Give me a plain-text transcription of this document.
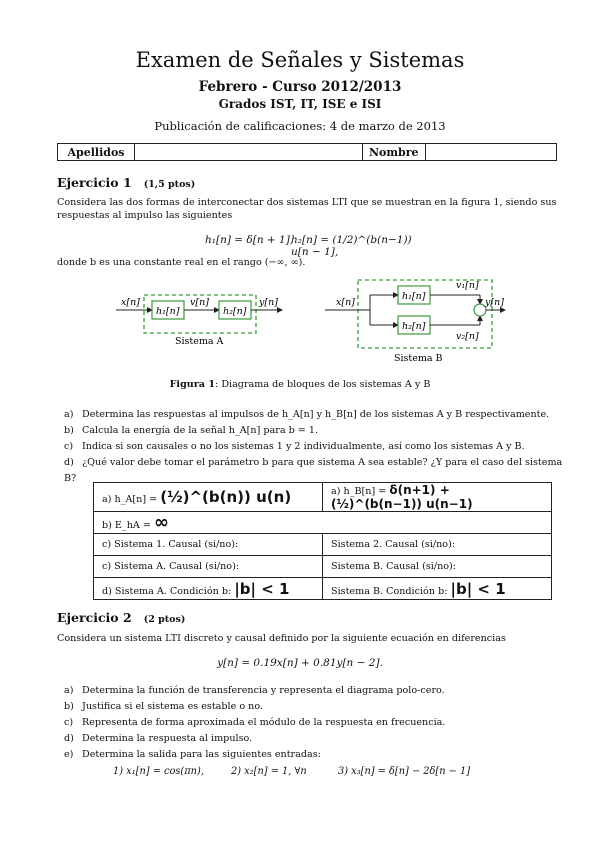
Examen de Señales y Sistemas
Febrero - Curso 2012/2013
Grados IST, IT, ISE e ISI
Publicación de calificaciones: 4 de marzo de 2013
Apellidos		Nombre	
Ejercicio 1 (1,5 ptos)
Considera las dos formas de interconectar dos sistemas LTI que se muestran en la figura 1, siendo sus respuestas al impulso las siguientes
h₁[n] = δ[n + 1],
h₂[n] = (1/2)^(b(n−1)) u[n − 1],
donde b es una constante real en el rango (−∞, ∞).
x[n]
h₁[n]
v[n]
h₂[n]
y[n]
Sistema A
x[n]
h₁[n]
h₂[n]
v₁[n]
v₂[n]
y[n]
Sistema B
Figura 1: Diagrama de bloques de los sistemas A y B
a) Determina las respuestas al impulsos de h_A[n] y h_B[n] de los sistemas A y B respectivamente.
b) Calcula la energía de la señal h_A[n] para b = 1.
c) Indica si son causales o no los sistemas 1 y 2 individualmente, así como los sistemas A y B.
d) ¿Qué valor debe tomar el parámetro b para que sistema A sea estable? ¿Y para el caso del sistema B?
a) h_A[n] = (½)^(b(n)) u(n)	a) h_B[n] = δ(n+1) + (½)^(b(n−1)) u(n−1)
b) E_hA = ∞	
c) Sistema 1. Causal (si/no):	Sistema 2. Causal (si/no):
c) Sistema A. Causal (si/no):	Sistema B. Causal (si/no):
d) Sistema A. Condición b: |b| < 1	Sistema B. Condición b: |b| < 1
Ejercicio 2 (2 ptos)
Considera un sistema LTI discreto y causal definido por la siguiente ecuación en diferencias
y[n] = 0.19x[n] + 0.81y[n − 2].
a) Determina la función de transferencia y representa el diagrama polo-cero.
b) Justifica si el sistema es estable o no.
c) Representa de forma aproximada el módulo de la respuesta en frecuencia.
d) Determina la respuesta al impulso.
e) Determina la salida para las siguientes entradas:
1) x₁[n] = cos(πn),	2) x₂[n] = 1, ∀n	3) x₃[n] = δ[n] − 2δ[n − 1]
